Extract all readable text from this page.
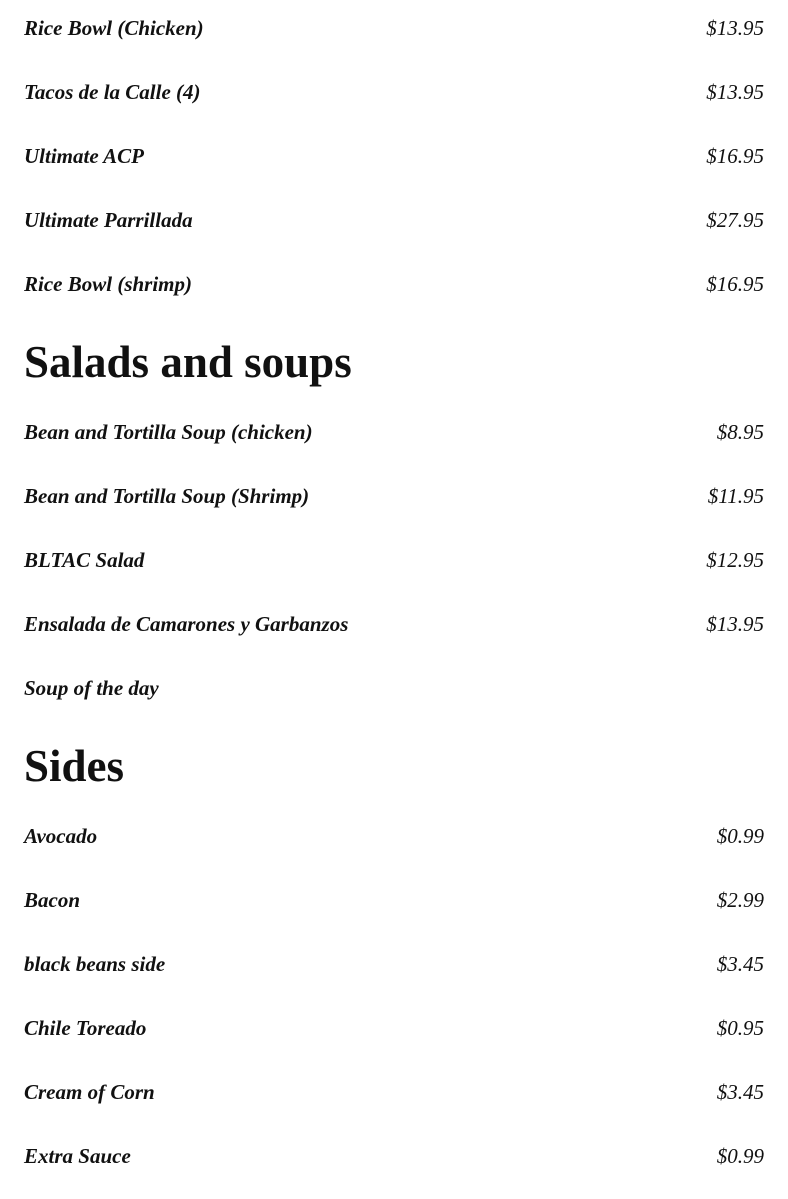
Rice Bowl (Chicken)	$13.95
Tacos de la Calle (4)	$13.95
Ultimate ACP	$16.95
Ultimate Parrillada	$27.95
Rice Bowl (shrimp)	$16.95
Salads and soups
Bean and Tortilla Soup (chicken)	$8.95
Bean and Tortilla Soup (Shrimp)	$11.95
BLTAC Salad	$12.95
Ensalada de Camarones y Garbanzos	$13.95
Soup of the day
Sides
Avocado	$0.99
Bacon	$2.99
black beans side	$3.45
Chile Toreado	$0.95
Cream of Corn	$3.45
Extra Sauce	$0.99
